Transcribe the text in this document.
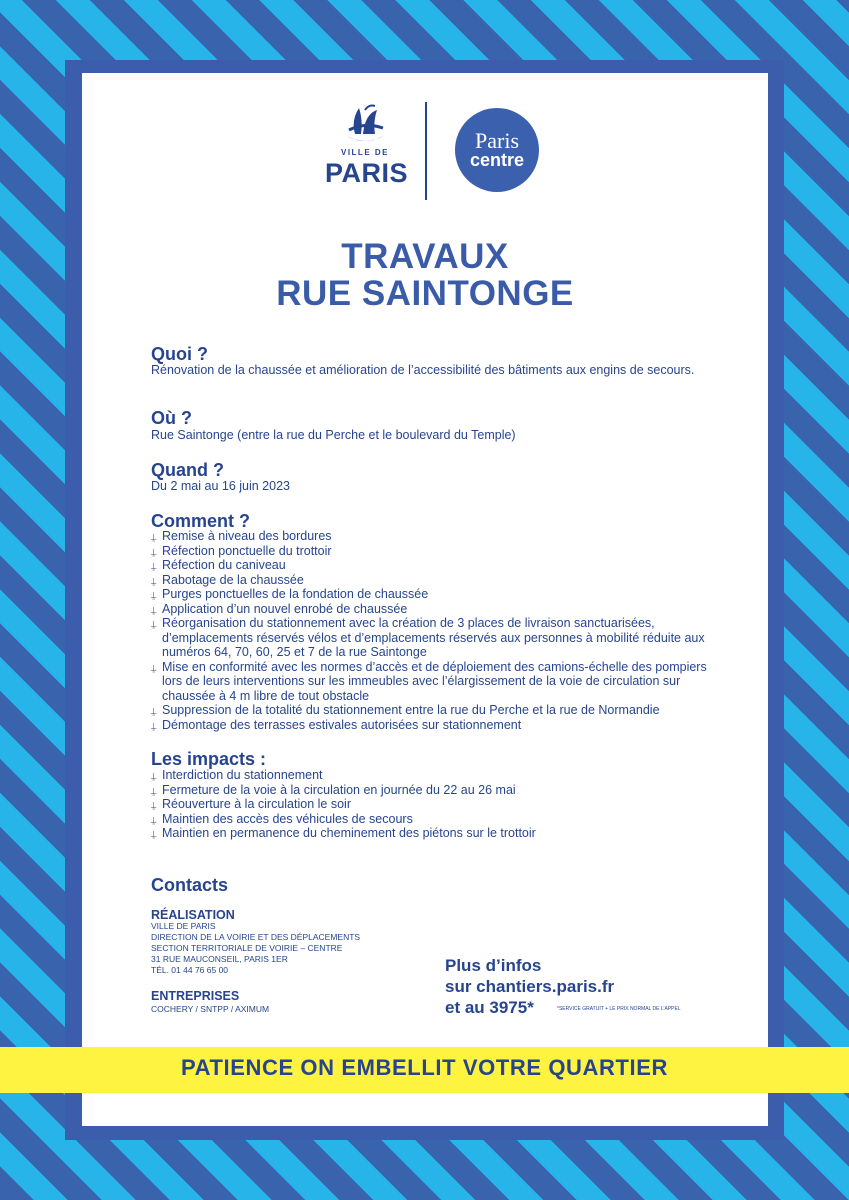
VILLE DE
PARIS
Paris
centre
TRAVAUX
RUE SAINTONGE
Quoi ?
Rénovation de la chaussée et amélioration de l’accessibilité des bâtiments aux engins de secours.
Où ?
Rue Saintonge (entre la rue du Perche et le boulevard du Temple)
Quand ?
Du 2 mai au 16 juin 2023
Comment ?
⍊ Remise à niveau des bordures
⍊ Réfection ponctuelle du trottoir
⍊ Réfection du caniveau
⍊ Rabotage de la chaussée
⍊ Purges ponctuelles de la fondation de chaussée
⍊ Application d’un nouvel enrobé de chaussée
⍊ Réorganisation du stationnement avec la création de 3 places de livraison sanctuarisées, d’emplacements réservés vélos et d’emplacements réservés aux personnes à mobilité réduite aux numéros 64, 70, 60, 25 et 7 de la rue Saintonge
⍊ Mise en conformité avec les normes d’accès et de déploiement des camions-échelle des pompiers lors de leurs interventions sur les immeubles avec l’élargissement de la voie de circulation sur chaussée à 4 m libre de tout obstacle
⍊ Suppression de la totalité du stationnement entre la rue du Perche et la rue de Normandie
⍊ Démontage des terrasses estivales autorisées sur stationnement
Les impacts :
⍊ Interdiction du stationnement
⍊ Fermeture de la voie à la circulation en journée du 22 au 26 mai
⍊ Réouverture à la circulation le soir
⍊ Maintien des accès des véhicules de secours
⍊ Maintien en permanence du cheminement des piétons sur le trottoir
Contacts
RÉALISATION
VILLE DE PARIS
DIRECTION DE LA VOIRIE ET DES DÉPLACEMENTS
SECTION TERRITORIALE DE VOIRIE – CENTRE
31 RUE MAUCONSEIL, PARIS 1ER
TÉL. 01 44 76 65 00
ENTREPRISES
COCHERY / SNTPP / AXIMUM
Plus d’infos
sur chantiers.paris.fr
et au 3975*	*SERVICE GRATUIT + LE PRIX NORMAL DE L’APPEL
PATIENCE ON EMBELLIT VOTRE QUARTIER
